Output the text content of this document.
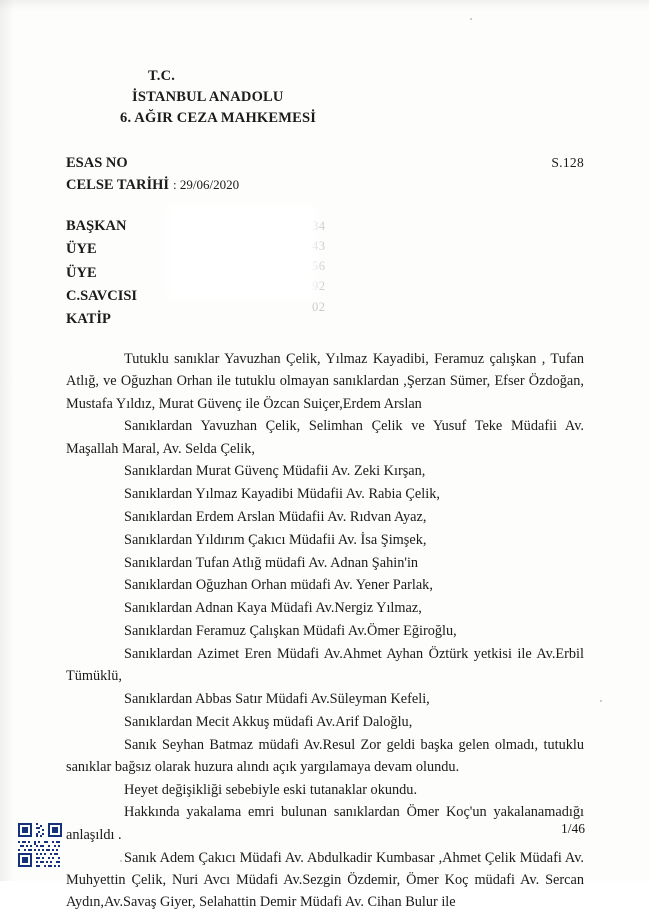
T.C.
İSTANBUL ANADOLU
6. AĞIR CEZA MAHKEMESİ
S.128
ESAS NO
CELSE TARİHİ : 29/06/2020
34
43
56
92
02
BAŞKAN
ÜYE
ÜYE
C.SAVCISI
KATİP

Tutuklu sanıklar Yavuzhan Çelik, Yılmaz Kayadibi, Feramuz çalışkan , Tufan Atlığ, ve Oğuzhan Orhan ile tutuklu olmayan sanıklardan ,Şerzan Sümer, Efser Özdoğan, Mustafa Yıldız, Murat Güvenç ile Özcan Suiçer,Erdem Arslan

Sanıklardan Yavuzhan Çelik, Selimhan Çelik ve Yusuf Teke Müdafii Av. Maşallah Maral, Av. Selda Çelik,

Sanıklardan Murat Güvenç Müdafii Av. Zeki Kırşan,

Sanıklardan Yılmaz Kayadibi Müdafii Av. Rabia Çelik,

Sanıklardan Erdem Arslan Müdafii Av. Rıdvan Ayaz,

Sanıklardan Yıldırım Çakıcı Müdafii Av. İsa Şimşek,

Sanıklardan Tufan Atlığ müdafi Av. Adnan Şahin'in

Sanıklardan Oğuzhan Orhan müdafi Av. Yener Parlak,

Sanıklardan Adnan Kaya Müdafi Av.Nergiz Yılmaz,

Sanıklardan Feramuz Çalışkan Müdafi Av.Ömer Eğiroğlu,

Sanıklardan Azimet Eren Müdafi Av.Ahmet Ayhan Öztürk yetkisi ile Av.Erbil Tümüklü,

Sanıklardan Abbas Satır Müdafi Av.Süleyman Kefeli,

Sanıklardan Mecit Akkuş müdafi Av.Arif Daloğlu,

Sanık Seyhan Batmaz müdafi Av.Resul Zor geldi başka gelen olmadı, tutuklu sanıklar bağsız olarak huzura alındı açık yargılamaya devam olundu.

Heyet değişikliği sebebiyle eski tutanaklar okundu.

Hakkında yakalama emri bulunan sanıklardan Ömer Koç'un yakalanamadığı anlaşıldı .

Sanık Adem Çakıcı Müdafi Av. Abdulkadir Kumbasar ,Ahmet Çelik Müdafi Av. Muhyettin Çelik, Nuri Avcı Müdafi Av.Sezgin Özdemir, Ömer Koç müdafi Av. Sercan Aydın,Av.Savaş Giyer, Selahattin Demir Müdafi Av. Cihan Bulur ile

1/46
